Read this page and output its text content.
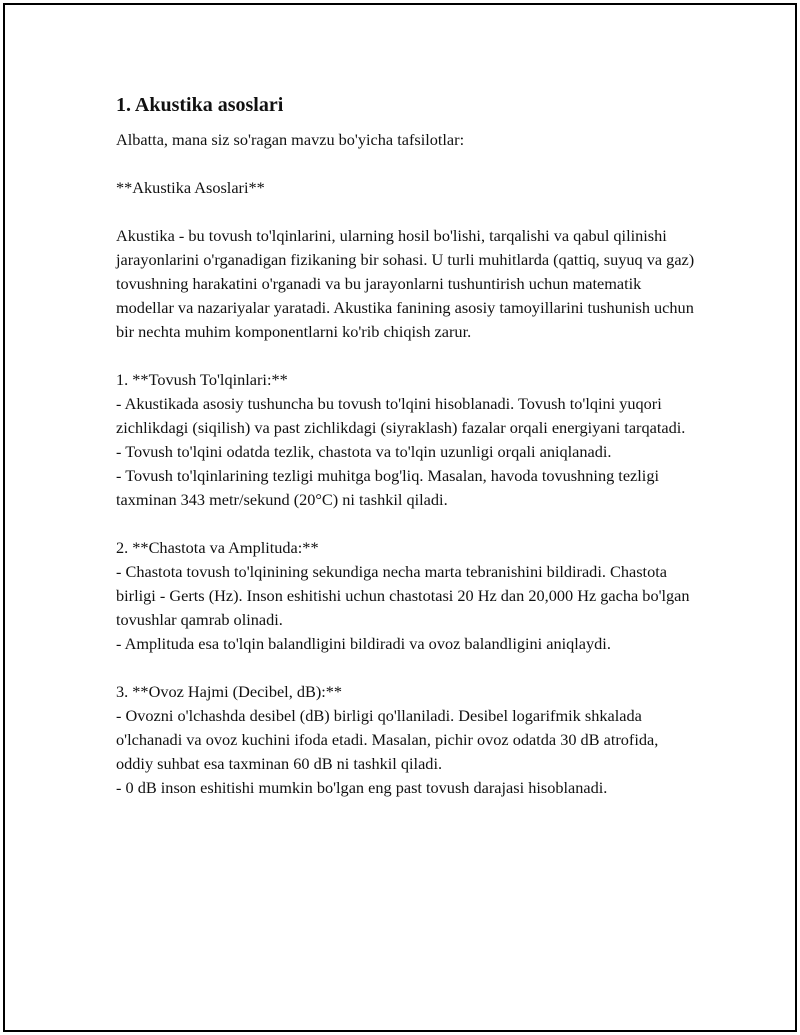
1. Akustika asoslari

Albatta, mana siz so'ragan mavzu bo'yicha tafsilotlar:

**Akustika Asoslari**

Akustika - bu tovush to'lqinlarini, ularning hosil bo'lishi, tarqalishi va qabul qilinishi jarayonlarini o'rganadigan fizikaning bir sohasi. U turli muhitlarda (qattiq, suyuq va gaz) tovushning harakatini o'rganadi va bu jarayonlarni tushuntirish uchun matematik modellar va nazariyalar yaratadi. Akustika fanining asosiy tamoyillarini tushunish uchun bir nechta muhim komponentlarni ko'rib chiqish zarur.

1. **Tovush To'lqinlari:**

- Akustikada asosiy tushuncha bu tovush to'lqini hisoblanadi. Tovush to'lqini yuqori zichlikdagi (siqilish) va past zichlikdagi (siyraklash) fazalar orqali energiyani tarqatadi.
- Tovush to'lqini odatda tezlik, chastota va to'lqin uzunligi orqali aniqlanadi.
- Tovush to'lqinlarining tezligi muhitga bog'liq. Masalan, havoda tovushning tezligi taxminan 343 metr/sekund (20°C) ni tashkil qiladi.

2. **Chastota va Amplituda:**

- Chastota tovush to'lqinining sekundiga necha marta tebranishini bildiradi. Chastota birligi - Gerts (Hz). Inson eshitishi uchun chastotasi 20 Hz dan 20,000 Hz gacha bo'lgan tovushlar qamrab olinadi.
- Amplituda esa to'lqin balandligini bildiradi va ovoz balandligini aniqlaydi.

3. **Ovoz Hajmi (Decibel, dB):**

- Ovozni o'lchashda desibel (dB) birligi qo'llaniladi. Desibel logarifmik shkalada o'lchanadi va ovoz kuchini ifoda etadi. Masalan, pichir ovoz odatda 30 dB atrofida, oddiy suhbat esa taxminan 60 dB ni tashkil qiladi.
- 0 dB inson eshitishi mumkin bo'lgan eng past tovush darajasi hisoblanadi.
